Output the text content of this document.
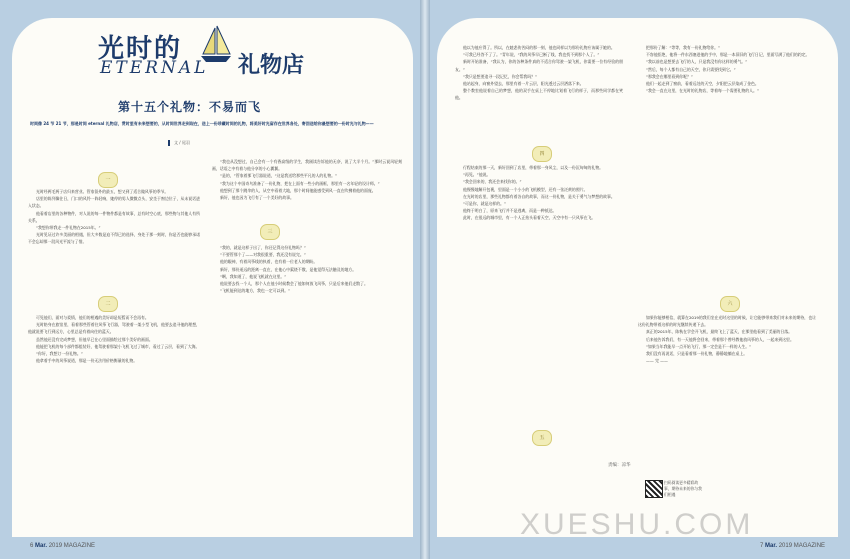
光时的
ETERNAL 礼物店
第十五个礼物：不易而飞
时间像 24 节 21 节，那是时间 eternal 礼物店，贯时里有未来想要的，从时间世界走到现在，送上一份珍藏时间的礼物，将美好时光留存在世界各处，寄回送给你最想要的一份时光与礼物——
文 / 尾羽
一

光时经两毛两子店归来营业。管家留外的最五，想又到了适合做风筝的季节。

店里的陈列像往日，门口的风铃一阵轻响，她停的男人微微点头，安坐于窗边位子，从未说话进入状态。

他看着店里的各种物件，对人说的每一件物件都是有故事，总有时空心底，那些物与其他人有所关系。

“我想你带我走一件礼物在2015年。”

光时见证过许多美丽的相遇，但大多数是迫不得已的选择，身处于那一刻时，你是否也能够承诺不会忘却那一段风光平流与了惜。

二

可见他们，面对与爱情，他们的相遇的美好却是短暂而不会再有。

光时陪身在旅馆里，看着那些管着往风筝飞行器，驾驶着一架小型飞机，他要去追寻他的理想，他就说要飞行到远方，心里总是有着向往的蓝天。

虽然他还没有完成梦想，但他早已在心里面描绘过那个美好的画面。

他能把飞机的每个部件都组装好，他驾驶着那架小飞机飞过了城市，看过了云层，看到了大海。

“你好，我想订一份礼物。”

他拿着手中的风筝说道，那是一份无法用价格衡量的礼物。

三

“我也从没想过，自己会有一个有香高级的学生，我刚读告诉他的无奈，说了大半个月。”那时云说风轻刻画，话语之中有着与他分享的小心翼翼。

“是的，”管家着那飞行器说道，“这是我送给那些平凡的人的礼物。”

“我为这个中国奇鸟准备了一份礼物，把在上面有一些小的画框，那里有一名年轻的设计师。”

他想到了那个跳伞的人，从空中看着大地，那个时间他能感受到风一直在吹拂着他的面庞。

新好，他也因为飞行有了一个美好的故事。

“我的，就是这样子出了，你还记得这份礼物吗？”

“不要管那个了——对我很重要，我还没有说完。”

他的眼神，有着风筝线的执着，也有着一位老人的期盼。

新好，那份遥远的距离一直在，在他心中萦绕不散，是他觉得无法触及的地方。

“啊，我知道了，他说飞机就在这里。”

他说要去找一个人，那个人在他小时候教会了他如何放飞风筝，只是后来他们走散了。

“飞机能到达的地方，我也一定可以到。”

6 Mar. 2019 MAGAZINE

他以为他应得了。所以，在她悲伤苦闷的那一刻，他也同样以为那份礼物应该属于她的。

“可我已经答不了了。”青年说，“我的风筝早已断了线，我也找不到那个人了。”

新时开始准备，“我认为，你的各种条件真的不适合你驾驶一架飞机，你需要一位有经验的朋友。”

“我只是想要追寻一段记忆，你会帮我吗？”

他站起身，向窗外望去，那里有着一片云层，阳光透过云层洒落下来。

整个教室他说着自己的梦想，他的双手在桌上不停地比划着飞行的样子，而那些同学都在笑他。

四

行程结束的那一天，新好回到了店里，带着那一身风尘，以及一份沉甸甸的礼物。

“再见。”他说。

“我会回来的，我还会来找你的。”

他慢慢地解开包裹，里面是一个小小的飞机模型，还有一张泛黄的照片。

在光时的店里，那些礼物都有着各自的故事，而这一份礼物，是关于勇气与梦想的故事。

“可是你，就是这样的。”

他终于明白了，原来飞行并不是逃离，而是一种抵达。

此时，在很远的城市里，有一个人正抬头看着天空，天空中有一只风筝在飞。

五

把那份了解：“等等，我有一份礼物给你。”

不容他拒绝，他将一件东西塞进他的手中，那是一本旧旧的飞行日记，里面写满了他们的约定。

“我以前也是想要去飞行的人，只是我没有你这样的勇气。”

“然后，每个人都有自己的天空，你只需要找到它。”

“那我会在哪里看到你呢？”

他们一起走到了窗前，看着远处的天空，夕阳把云层染成了金色。

“我会一直在这里，在光时的礼物店，等着每一个需要礼物的人。”

六

如果你能够相信，就算在2019的我们坐在光时这里的时候，让它能够带来我们对未来的期待，也让这份礼物带着这样的时光继续传递下去。

真正的2015年，陈秋在学会开飞机，最终飞上了蓝天，在那里他看到了美丽的日落。

后来他告诉我们，有一天他将会回来，带着那个曾经教他放风筝的人，一起来到这里。

“如果当年我能早一点开始飞行，那一定会是不一样的人生。”

我们没有再说话，只是看着那一份礼物，静静地躺在桌上。

—— 完 ——

责编：凉华
扫码阅读更多精彩故事，期待未来的你与我们相遇
7 Mar. 2019 MAGAZINE
XUESHU.COM
